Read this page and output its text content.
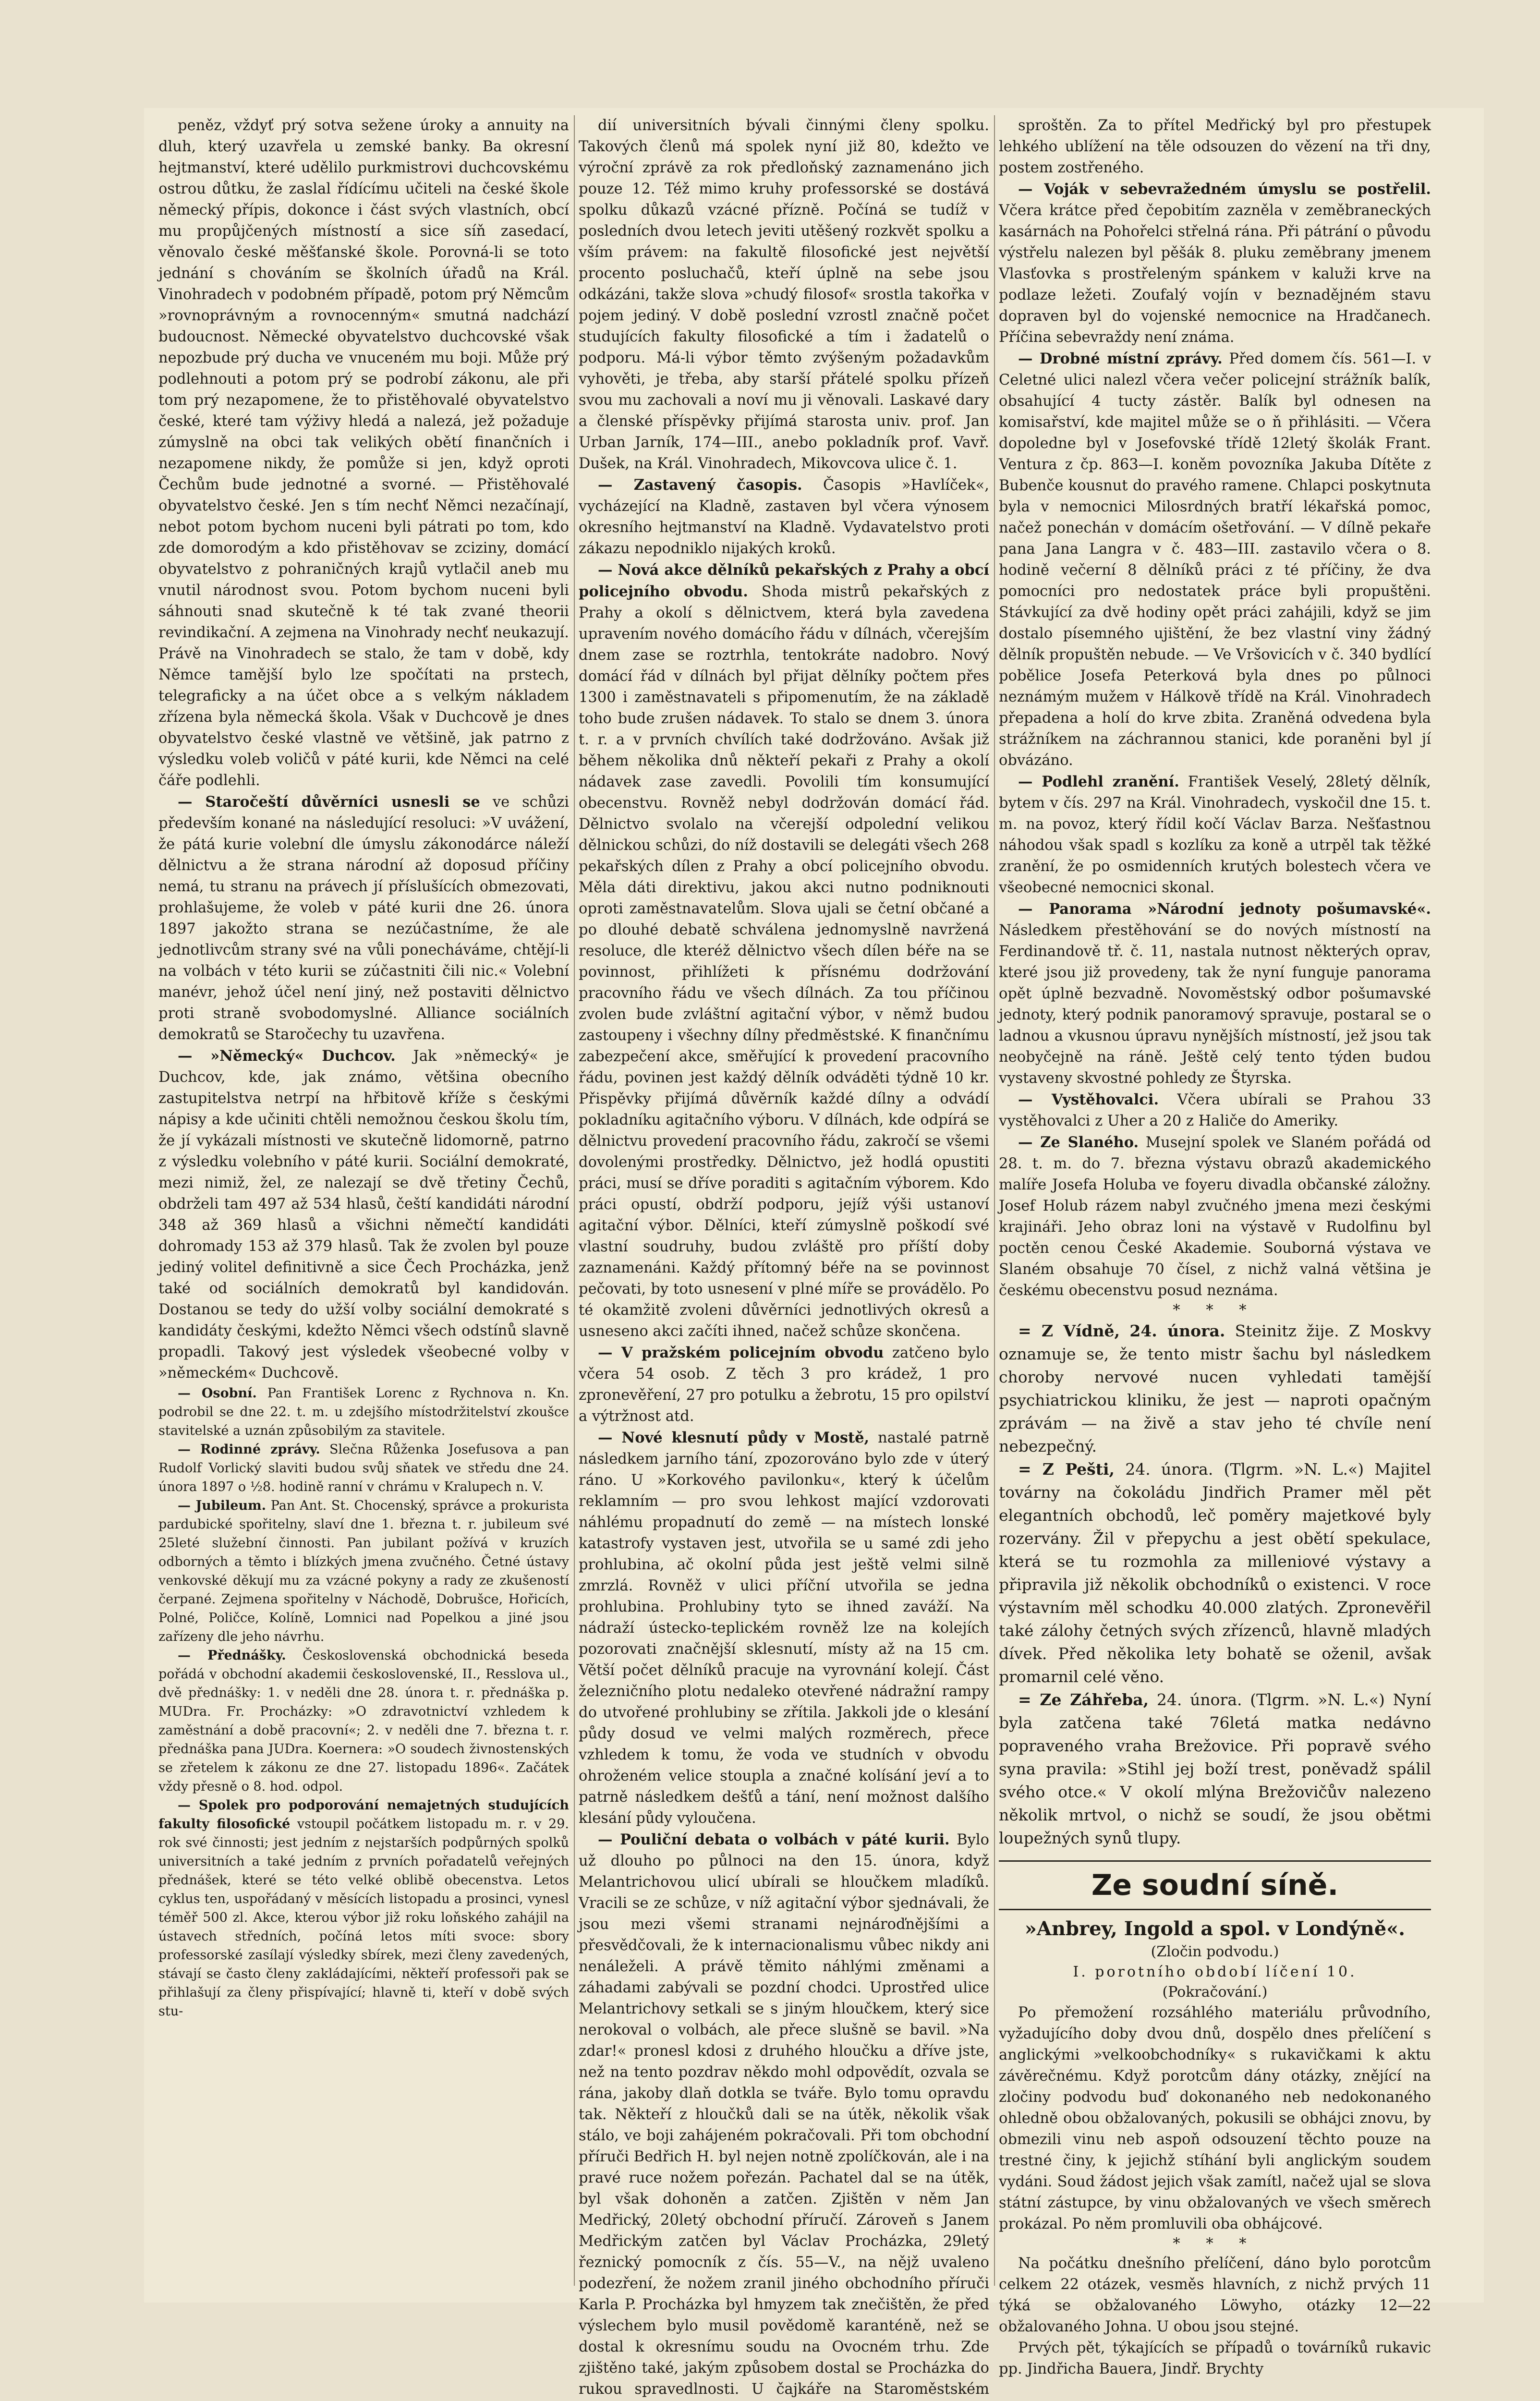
peněz, vždyť prý sotva sežene úroky a annuity na dluh, který uzavřela u zemské banky. Ba okresní hejtmanství, které udělilo purkmistrovi duchcovskému ostrou důtku, že zaslal řídícímu učiteli na české škole německý přípis, dokonce i část svých vlastních, obcí mu propůjčených místností a sice síň zasedací, věnovalo české měšťanské škole. Porovná-li se toto jednání s chováním se školních úřadů na Král. Vinohradech v podobném případě, potom prý Němcům »rovnoprávným a rovnocenným« smutná nadchází budoucnost. Německé obyvatelstvo duchcovské však nepozbude prý ducha ve vnuceném mu boji. Může prý podlehnouti a potom prý se podrobí zákonu, ale při tom prý nezapomene, že to přistěhovalé obyvatelstvo české, které tam výživy hledá a nalezá, jež požaduje zúmyslně na obci tak velikých obětí finančních i nezapomene nikdy, že pomůže si jen, když oproti Čechům bude jednotné a svorné. — Přistěhovalé obyvatelstvo české. Jen s tím nechť Němci nezačínají, nebot potom bychom nuceni byli pátrati po tom, kdo zde domorodým a kdo přistěhovav se zciziny, domácí obyvatelstvo z pohraničných krajů vytlačil aneb mu vnutil národnost svou. Potom bychom nuceni byli sáhnouti snad skutečně k té tak zvané theorii revindikační. A zejmena na Vinohrady nechť neukazují. Právě na Vinohradech se stalo, že tam v době, kdy Němce tamější bylo lze spočítati na prstech, telegraficky a na účet obce a s velkým nákladem zřízena byla německá škola. Však v Duchcově je dnes obyvatelstvo české vlastně ve většině, jak patrno z výsledku voleb voličů v páté kurii, kde Němci na celé čáře podlehli.

— Staročeští důvěrníci usnesli se ve schůzi především konané na následující resoluci: »V uvážení, že pátá kurie volební dle úmyslu zákonodárce náleží dělnictvu a že strana národní až doposud příčiny nemá, tu stranu na právech jí příslušících obmezovati, prohlašujeme, že voleb v páté kurii dne 26. února 1897 jakožto strana se nezúčastníme, že ale jednotlivcům strany své na vůli ponecháváme, chtějí-li na volbách v této kurii se zúčastniti čili nic.« Volební manévr, jehož účel není jiný, než postaviti dělnictvo proti straně svobodomyslné. Alliance sociálních demokratů se Staročechy tu uzavřena.

— »Německý« Duchcov. Jak »německý« je Duchcov, kde, jak známo, většina obecního zastupitelstva netrpí na hřbitově kříže s českými nápisy a kde učiniti chtěli nemožnou českou školu tím, že jí vykázali místnosti ve skutečně lidomorně, patrno z výsledku volebního v páté kurii. Sociální demokraté, mezi nimiž, žel, ze nalezají se dvě třetiny Čechů, obdrželi tam 497 až 534 hlasů, čeští kandidáti národní 348 až 369 hlasů a všichni němečtí kandidáti dohromady 153 až 379 hlasů. Tak že zvolen byl pouze jediný volitel definitivně a sice Čech Procházka, jenž také od sociálních demokratů byl kandidován. Dostanou se tedy do užší volby sociální demokraté s kandidáty českými, kdežto Němci všech odstínů slavně propadli. Takový jest výsledek všeobecné volby v »německém« Duchcově.

— Osobní. Pan František Lorenc z Rychnova n. Kn. podrobil se dne 22. t. m. u zdejšího místodržitelství zkoušce stavitelské a uznán způsobilým za stavitele.

— Rodinné zprávy. Slečna Růženka Josefusova a pan Rudolf Vorlický slaviti budou svůj sňatek ve středu dne 24. února 1897 o ½8. hodině ranní v chrámu v Kralupech n. V.

— Jubileum. Pan Ant. St. Chocenský, správce a prokurista pardubické spořitelny, slaví dne 1. března t. r. jubileum své 25leté služební činnosti. Pan jubilant požívá v kruzích odborných a těmto i blízkých jmena zvučného. Četné ústavy venkovské děkují mu za vzácné pokyny a rady ze zkušeností čerpané. Zejmena spořitelny v Náchodě, Dobrušce, Hořicích, Polné, Poličce, Kolíně, Lomnici nad Popelkou a jiné jsou zařízeny dle jeho návrhu.

— Přednášky. Československá obchodnická beseda pořádá v obchodní akademii československé, II., Resslova ul., dvě přednášky: 1. v neděli dne 28. února t. r. přednáška p. MUDra. Fr. Procházky: »O zdravotnictví vzhledem k zaměstnání a době pracovní«; 2. v neděli dne 7. března t. r. přednáška pana JUDra. Koernera: »O soudech živnostenských se zřetelem k zákonu ze dne 27. listopadu 1896«. Začátek vždy přesně o 8. hod. odpol.

— Spolek pro podporování nemajetných studujících fakulty filosofické vstoupil počátkem listopadu m. r. v 29. rok své činnosti; jest jedním z nejstarších podpůrných spolků universitních a také jedním z prvních pořadatelů veřejných přednášek, které se této velké oblibě obecenstva. Letos cyklus ten, uspořádaný v měsících listopadu a prosinci, vynesl téměř 500 zl. Akce, kterou výbor již roku loňského zahájil na ústavech středních, počíná letos míti svoce: sbory professorské zasílají výsledky sbírek, mezi členy zavedených, stávají se často členy zakládajícími, někteří professoři pak se přihlašují za členy přispívající; hlavně ti, kteří v době svých stu-

dií universitních bývali činnými členy spolku. Takových členů má spolek nyní již 80, kdežto ve výroční zprávě za rok předloňský zaznamenáno jich pouze 12. Též mimo kruhy professorské se dostává spolku důkazů vzácné přízně. Počíná se tudíž v posledních dvou letech jeviti utěšený rozkvět spolku a vším právem: na fakultě filosofické jest největší procento posluchačů, kteří úplně na sebe jsou odkázáni, takže slova »chudý filosof« srostla takořka v pojem jediný. V době poslední vzrostl značně počet studujících fakulty filosofické a tím i žadatelů o podporu. Má-li výbor těmto zvýšeným požadavkům vyhověti, je třeba, aby starší přátelé spolku přízeň svou mu zachovali a noví mu ji věnovali. Laskavé dary a členské příspěvky přijímá starosta univ. prof. Jan Urban Jarník, 174—III., anebo pokladník prof. Vavř. Dušek, na Král. Vinohradech, Mikovcova ulice č. 1.

— Zastavený časopis. Časopis »Havlíček«, vycházející na Kladně, zastaven byl včera výnosem okresního hejtmanství na Kladně. Vydavatelstvo proti zákazu nepodniklo nijakých kroků.

— Nová akce dělníků pekařských z Prahy a obcí policejního obvodu. Shoda mistrů pekařských z Prahy a okolí s dělnictvem, která byla zavedena upravením nového domácího řádu v dílnách, včerejším dnem zase se roztrhla, tentokráte nadobro. Nový domácí řád v dílnách byl přijat dělníky počtem přes 1300 i zaměstnavateli s připomenutím, že na základě toho bude zrušen nádavek. To stalo se dnem 3. února t. r. a v prvních chvílích také dodržováno. Avšak již během několika dnů někteří pekaři z Prahy a okolí nádavek zase zavedli. Povolili tím konsumující obecenstvu. Rovněž nebyl dodržován domácí řád. Dělnictvo svolalo na včerejší odpolední velikou dělnickou schůzi, do níž dostavili se delegáti všech 268 pekařských dílen z Prahy a obcí policejního obvodu. Měla dáti direktivu, jakou akci nutno podniknouti oproti zaměstnavatelům. Slova ujali se četní občané a po dlouhé debatě schválena jednomyslně navržená resoluce, dle kteréž dělnictvo všech dílen béře na se povinnost, přihlížeti k přísnému dodržování pracovního řádu ve všech dílnách. Za tou příčinou zvolen bude zvláštní agitační výbor, v němž budou zastoupeny i všechny dílny předměstské. K finančnímu zabezpečení akce, směřující k provedení pracovního řádu, povinen jest každý dělník odváděti týdně 10 kr. Přispěvky přijímá důvěrník každé dílny a odvádí pokladníku agitačního výboru. V dílnách, kde odpírá se dělnictvu provedení pracovního řádu, zakročí se všemi dovolenými prostředky. Dělnictvo, jež hodlá opustiti práci, musí se dříve poraditi s agitačním výborem. Kdo práci opustí, obdrží podporu, jejíž výši ustanoví agitační výbor. Dělníci, kteří zúmyslně poškodí své vlastní soudruhy, budou zvláště pro příští doby zaznamenáni. Každý přítomný béře na se povinnost pečovati, by toto usnesení v plné míře se provádělo. Po té okamžitě zvoleni důvěrníci jednotlivých okresů a usneseno akci začíti ihned, načež schůze skončena.

— V pražském policejním obvodu zatčeno bylo včera 54 osob. Z těch 3 pro krádež, 1 pro zpronevěření, 27 pro potulku a žebrotu, 15 pro opilství a výtržnost atd.

— Nové klesnutí půdy v Mostě, nastalé patrně následkem jarního tání, zpozorováno bylo zde v úterý ráno. U »Korkového pavilonku«, který k účelům reklamním — pro svou lehkost mající vzdorovati náhlému propadnutí do země — na místech lonské katastrofy vystaven jest, utvořila se u samé zdi jeho prohlubina, ač okolní půda jest ještě velmi silně zmrzlá. Rovněž v ulici příční utvořila se jedna prohlubina. Prohlubiny tyto se ihned zaváží. Na nádraží ústecko-teplickém rovněž lze na kolejích pozorovati značnější sklesnutí, místy až na 15 cm. Větší počet dělníků pracuje na vyrovnání kolejí. Část železničního plotu nedaleko otevřené nádražní rampy do utvořené prohlubiny se zřítila. Jakkoli jde o klesání půdy dosud ve velmi malých rozměrech, přece vzhledem k tomu, že voda ve studních v obvodu ohroženém velice stoupla a značné kolísání jeví a to patrně následkem dešťů a tání, není možnost dalšího klesání půdy vyloučena.

— Pouliční debata o volbách v páté kurii. Bylo už dlouho po půlnoci na den 15. února, když Melantrichovou ulicí ubírali se hloučkem mladíků. Vracili se ze schůze, v níž agitační výbor sjednávali, že jsou mezi všemi stranami nejnároďnějšími a přesvědčovali, že k internacionalismu vůbec nikdy ani nenáleželi. A právě těmito náhlými změnami a záhadami zabývali se pozdní chodci. Uprostřed ulice Melantrichovy setkali se s jiným hloučkem, který sice nerokoval o volbách, ale přece slušně se bavil. »Na zdar!« pronesl kdosi z druhého hloučku a dříve jste, než na tento pozdrav někdo mohl odpovědít, ozvala se rána, jakoby dlaň dotkla se tváře. Bylo tomu opravdu tak. Někteří z hloučků dali se na útěk, několik však stálo, ve boji zahájeném pokračovali. Při tom obchodní příruči Bedřich H. byl nejen notně zpolíčkován, ale i na pravé ruce nožem pořezán. Pachatel dal se na útěk, byl však dohoněn a zatčen. Zjištěn v něm Jan Medřický, 20letý obchodní příručí. Zároveň s Janem Medřickým zatčen byl Václav Procházka, 29letý řeznický pomocník z čís. 55—V., na nějž uvaleno podezření, že nožem zranil jiného obchodního příruči Karla P. Procházka byl hmyzem tak znečištěn, že před výslechem bylo musil povědomě karanténě, než se dostal k okresnímu soudu na Ovocném trhu. Zde zjištěno také, jakým způsobem dostal se Procházka do rukou spravedlnosti. U čajkáře na Staroměstském

sproštěn. Za to přítel Medřický byl pro přestupek lehkého ublížení na těle odsouzen do vězení na tři dny, postem zostřeného.

— Voják v sebevražedném úmyslu se postřelil. Včera krátce před čepobitím zazněla v zeměbraneckých kasárnách na Pohořelci střelná rána. Při pátrání o původu výstřelu nalezen byl pěšák 8. pluku zeměbrany jmenem Vlasťovka s prostřeleným spánkem v kaluži krve na podlaze ležeti. Zoufalý vojín v beznadějném stavu dopraven byl do vojenské nemocnice na Hradčanech. Příčina sebevraždy není známa.

— Drobné místní zprávy. Před domem čís. 561—I. v Celetné ulici nalezl včera večer policejní strážník balík, obsahující 4 tucty zástěr. Balík byl odnesen na komisařství, kde majitel může se o ň přihlásiti. — Včera dopoledne byl v Josefovské třídě 12letý školák Frant. Ventura z čp. 863—I. koněm povozníka Jakuba Dítěte z Bubenče kousnut do pravého ramene. Chlapci poskytnuta byla v nemocnici Milosrdných bratří lékařská pomoc, načež ponechán v domácím ošetřování. — V dílně pekaře pana Jana Langra v č. 483—III. zastavilo včera o 8. hodině večerní 8 dělníků práci z té příčiny, že dva pomocníci pro nedostatek práce byli propuštěni. Stávkující za dvě hodiny opět práci zahájili, když se jim dostalo písemného ujištění, že bez vlastní viny žádný dělník propuštěn nebude. — Ve Vršovicích v č. 340 bydlící pobělice Josefa Peterková byla dnes po půlnoci neznámým mužem v Hálkově třídě na Král. Vinohradech přepadena a holí do krve zbita. Zraněná odvedena byla strážníkem na záchrannou stanici, kde poraněni byl jí obvázáno.

— Podlehl zranění. František Veselý, 28letý dělník, bytem v čís. 297 na Král. Vinohradech, vyskočil dne 15. t. m. na povoz, který řídil kočí Václav Barza. Nešťastnou náhodou však spadl s kozlíku za koně a utrpěl tak těžké zranění, že po osmidenních krutých bolestech včera ve všeobecné nemocnici skonal.

— Panorama »Národní jednoty pošumavské«. Následkem přestěhování se do nových místností na Ferdinandově tř. č. 11, nastala nutnost některých oprav, které jsou již provedeny, tak že nyní funguje panorama opět úplně bezvadně. Novoměstský odbor pošumavské jednoty, který podnik panoramový spravuje, postaral se o ladnou a vkusnou úpravu nynějších místností, jež jsou tak neobyčejně na ráně. Ještě celý tento týden budou vystaveny skvostné pohledy ze Štyrska.

— Vystěhovalci. Včera ubírali se Prahou 33 vystěhovalci z Uher a 20 z Haliče do Ameriky.

— Ze Slaného. Musejní spolek ve Slaném pořádá od 28. t. m. do 7. března výstavu obrazů akademického malíře Josefa Holuba ve foyeru divadla občanské záložny. Josef Holub rázem nabyl zvučného jmena mezi českými krajináři. Jeho obraz loni na výstavě v Rudolfinu byl poctěn cenou České Akademie. Souborná výstava ve Slaném obsahuje 70 čísel, z nichž valná většina je českému obecenstvu posud neznáma.

* * *

= Z Vídně, 24. února. Steinitz žije. Z Moskvy oznamuje se, že tento mistr šachu byl následkem choroby nervové nucen vyhledati tamější psychiatrickou kliniku, že jest — naproti opačným zprávám — na živě a stav jeho té chvíle není nebezpečný.

= Z Pešti, 24. února. (Tlgrm. »N. L.«) Majitel továrny na čokoládu Jindřich Pramer měl pět elegantních obchodů, leč poměry majetkové byly rozervány. Žil v přepychu a jest obětí spekulace, která se tu rozmohla za milleniové výstavy a připravila již několik obchodníků o existenci. V roce výstavním měl schodku 40.000 zlatých. Zpronevěřil také zálohy četných svých zřízenců, hlavně mladých dívek. Před několika lety bohatě se oženil, avšak promarnil celé věno.

= Ze Záhřeba, 24. února. (Tlgrm. »N. L.«) Nyní byla zatčena také 76letá matka nedávno popraveného vraha Brežovice. Při popravě svého syna pravila: »Stihl jej boží trest, poněvadž spálil svého otce.« V okolí mlýna Brežovičův nalezeno několik mrtvol, o nichž se soudí, že jsou obětmi loupežných synů tlupy.

Ze soudní síně.
»Anbrey, Ingold a spol. v Londýně«.
(Zločin podvodu.)
I. porotního období líčení 10.
(Pokračování.)

Po přemožení rozsáhlého materiálu průvodního, vyžadujícího doby dvou dnů, dospělo dnes přelíčení s anglickými »velkoobchodníky« s rukavičkami k aktu závěrečnému. Když porotcům dány otázky, znějící na zločiny podvodu buď dokonaného neb nedokonaného ohledně obou obžalovaných, pokusili se obhájci znovu, by obmezili vinu neb aspoň odsouzení těchto pouze na trestné činy, k jejichž stíhání byli anglickým soudem vydáni. Soud žádost jejich však zamítl, načež ujal se slova státní zástupce, by vinu obžalovaných ve všech směrech prokázal. Po něm promluvili oba obhájcové.

* * *

Na počátku dnešního přelíčení, dáno bylo porotcům celkem 22 otázek, vesměs hlavních, z nichž prvých 11 týká se obžalovaného Löwyho, otázky 12—22 obžalovaného Johna. U obou jsou stejné.

Prvých pět, týkajících se případů o továrníků rukavic pp. Jindřicha Bauera, Jindř. Brychty
